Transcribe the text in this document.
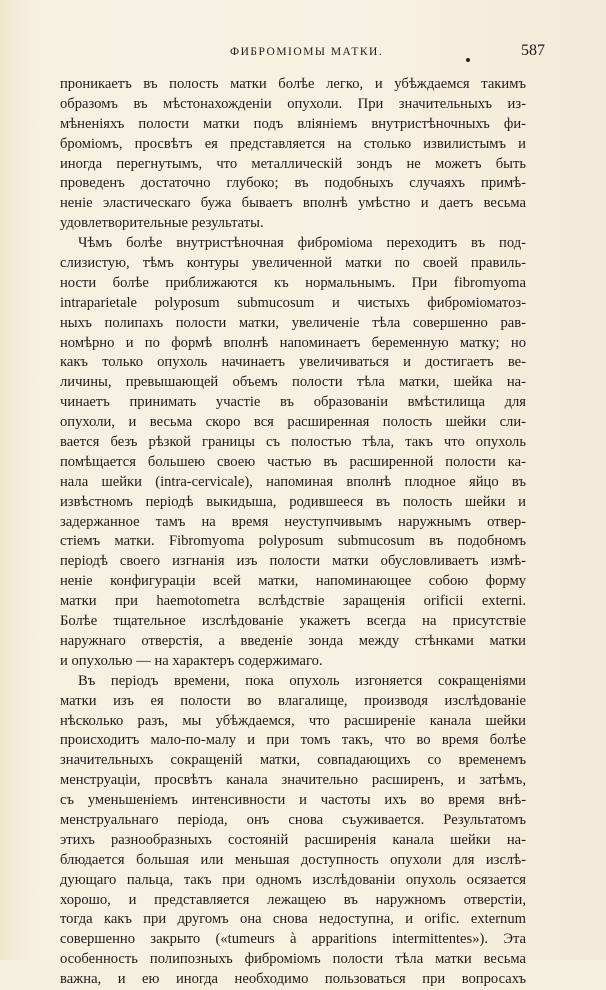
ФИБРОМІОМЫ МАТКИ.	587
проникаетъ въ полость матки болѣе легко, и убѣждаемся такимъ
образомъ въ мѣстонахожденіи опухоли. При значительныхъ из-
мѣненіяхъ полости матки подъ вліяніемъ внутристѣночныхъ фи-
броміомъ, просвѣтъ ея представляется на столько извилистымъ и
иногда перегнутымъ, что металлическій зондъ не можетъ быть
проведенъ достаточно глубоко; въ подобныхъ случаяхъ примѣ-
неніе эластическаго бужа бываетъ вполнѣ умѣстно и даетъ весьма
удовлетворительные результаты.
Чѣмъ болѣе внутристѣночная фиброміома переходитъ въ под-
слизистую, тѣмъ контуры увеличенной матки по своей правиль-
ности болѣе приближаются къ нормальнымъ. При fibromyoma
intraparietale polyposum submucosum и чистыхъ фиброміоматоз-
ныхъ полипахъ полости матки, увеличеніе тѣла совершенно рав-
номѣрно и по формѣ вполнѣ напоминаетъ беременную матку; но
какъ только опухоль начинаетъ увеличиваться и достигаетъ ве-
личины, превышающей объемъ полости тѣла матки, шейка на-
чинаетъ принимать участіе въ образованіи вмѣстилища для
опухоли, и весьма скоро вся расширенная полость шейки сли-
вается безъ рѣзкой границы съ полостью тѣла, такъ что опухоль
помѣщается большею своею частью въ расширенной полости ка-
нала шейки (intra-cervicale), напоминая вполнѣ плодное яйцо въ
извѣстномъ періодѣ выкидыша, родившееся въ полость шейки и
задержанное тамъ на время неуступчивымъ наружнымъ отвер-
стіемъ матки. Fibromyoma polyposum submucosum въ подобномъ
періодѣ своего изгнанія изъ полости матки обусловливаетъ измѣ-
неніе конфигураціи всей матки, напоминающее собою форму
матки при haemotometra вслѣдствіе заращенія orificii externi.
Болѣе тщательное изслѣдованіе укажетъ всегда на присутствіе
наружнаго отверстія, а введеніе зонда между стѣнками матки
и опухолью — на характеръ содержимаго.
Въ періодъ времени, пока опухоль изгоняется сокращеніями
матки изъ ея полости во влагалище, производя изслѣдованіе
нѣсколько разъ, мы убѣждаемся, что расширеніе канала шейки
происходитъ мало-по-малу и при томъ такъ, что во время болѣе
значительныхъ сокращеній матки, совпадающихъ со временемъ
менструаціи, просвѣтъ канала значительно расширенъ, и затѣмъ,
съ уменьшеніемъ интенсивности и частоты ихъ во время внѣ-
менструальнаго періода, онъ снова съуживается. Результатомъ
этихъ разнообразныхъ состояній расширенія канала шейки на-
блюдается большая или меньшая доступность опухоли для изслѣ-
дующаго пальца, такъ при одномъ изслѣдованіи опухоль осязается
хорошо, и представляется лежащею въ наружномъ отверстіи,
тогда какъ при другомъ она снова недоступна, и orific. externum
совершенно закрыто («tumeurs à apparitions intermittentes»). Эта
особенность полипозныхъ фиброміомъ полости тѣла матки весьма
важна, и ею иногда необходимо пользоваться при вопросахъ
